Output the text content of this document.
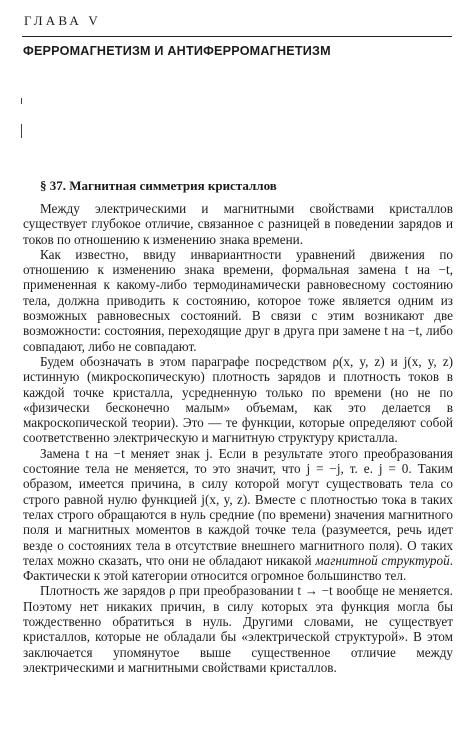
ГЛАВА V
ФЕРРОМАГНЕТИЗМ И АНТИФЕРРОМАГНЕТИЗМ
§ 37. Магнитная симметрия кристаллов

Между электрическими и магнитными свойствами кристаллов существует глубокое отличие, связанное с разницей в поведении зарядов и токов по отношению к изменению знака времени.

Как известно, ввиду инвариантности уравнений движения по отношению к изменению знака времени, формальная замена t на −t, примененная к какому-либо термодинамически равновесному состоянию тела, должна приводить к состоянию, которое тоже является одним из возможных равновесных состояний. В связи с этим возникают две возможности: состояния, переходящие друг в друга при замене t на −t, либо совпадают, либо не совпадают.

Будем обозначать в этом параграфе посредством ρ(x, y, z) и j(x, y, z) истинную (микроскопическую) плотность зарядов и плотность токов в каждой точке кристалла, усредненную только по времени (но не по «физически бесконечно малым» объемам, как это делается в макроскопической теории). Это — те функции, которые определяют собой соответственно электрическую и магнитную структуру кристалла.

Замена t на −t меняет знак j. Если в результате этого преобразования состояние тела не меняется, то это значит, что j = −j, т. е. j = 0. Таким образом, имеется причина, в силу которой могут существовать тела со строго равной нулю функцией j(x, y, z). Вместе с плотностью тока в таких телах строго обращаются в нуль средние (по времени) значения магнитного поля и магнитных моментов в каждой точке тела (разумеется, речь идет везде о состояниях тела в отсутствие внешнего магнитного поля). О таких телах можно сказать, что они не обладают никакой магнитной структурой. Фактически к этой категории относится огромное большинство тел.

Плотность же зарядов ρ при преобразовании t → −t вообще не меняется. Поэтому нет никаких причин, в силу которых эта функция могла бы тождественно обратиться в нуль. Другими словами, не существует кристаллов, которые не обладали бы «электрической структурой». В этом заключается упомянутое выше существенное отличие между электрическими и магнитными свойствами кристаллов.
